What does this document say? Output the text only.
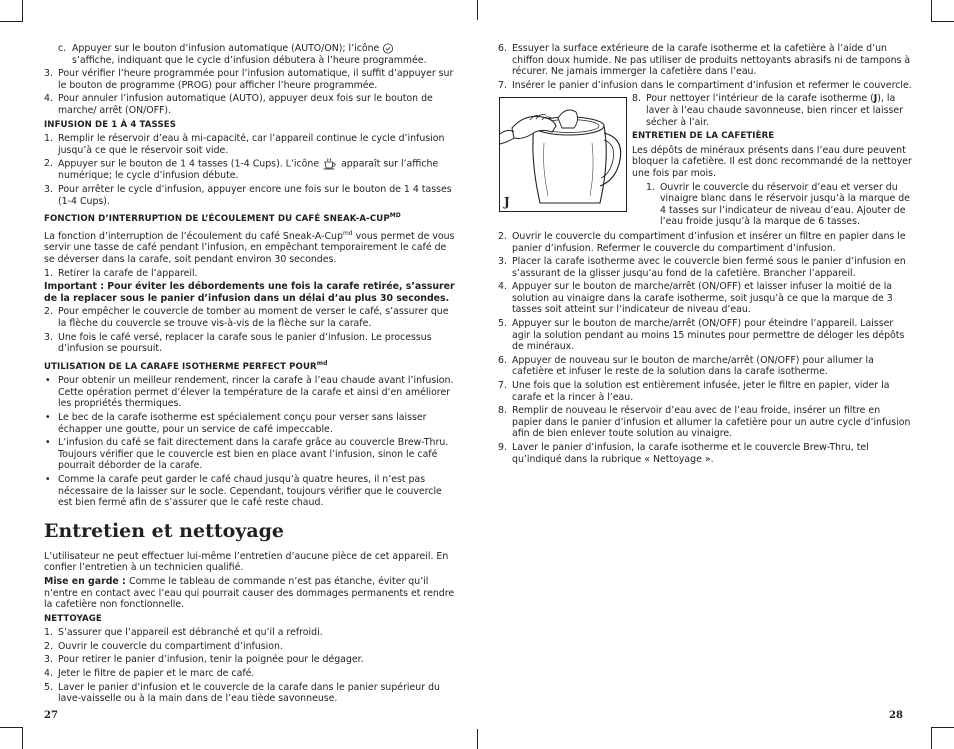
c. Appuyer sur le bouton d’infusion automatique (AUTO/ON); l’icône
s’affiche, indiquant que le cycle d’infusion débutera à l’heure programmée.
3. Pour vérifier l’heure programmée pour l’infusion automatique, il suffit d’appuyer sur le bouton de programme (PROG) pour afficher l’heure programmée.
4. Pour annuler l’infusion automatique (AUTO), appuyer deux fois sur le bouton de marche/ arrêt (ON/OFF).
INFUSION DE 1 À 4 TASSES
1. Remplir le réservoir d’eau à mi-capacité, car l’appareil continue le cycle d’infusion jusqu’à ce que le réservoir soit vide.
2. Appuyer sur le bouton de 1 4 tasses (1-4 Cups). L’icône apparaît sur l’affiche numérique; le cycle d’infusion débute.
3. Pour arrêter le cycle d’infusion, appuyer encore une fois sur le bouton de 1 4 tasses (1-4 Cups).
FONCTION D’INTERRUPTION DE L’ÉCOULEMENT DU CAFÉ SNEAK-$A-CUP^{MD}$

La fonction d’interruption de l’écoulement du café Sneak-A-Cup$^{md}$ vous permet de vous servir une tasse de café pendant l’infusion, en empêchant temporairement le café de se déverser dans la carafe, soit pendant environ 30 secondes.

1. Retirer la carafe de l’appareil.

Important : Pour éviter les débordements une fois la carafe retirée, s’assurer de la replacer sous le panier d’infusion dans un délai d’au plus 30 secondes.

2. Pour empêcher le couvercle de tomber au moment de verser le café, s’assurer que la flèche du couvercle se trouve vis-à-vis de la flèche sur la carafe.
3. Une fois le café versé, replacer la carafe sous le panier d’infusion. Le processus d’infusion se poursuit.
UTILISATION DE LA CARAFE ISOTHERME PERFECT $POUR^{md}$
• Pour obtenir un meilleur rendement, rincer la carafe à l’eau chaude avant l’infusion. Cette opération permet d’élever la température de la carafe et ainsi d’en améliorer les propriétés thermiques.
• Le bec de la carafe isotherme est spécialement conçu pour verser sans laisser échapper une goutte, pour un service de café impeccable.
• L’infusion du café se fait directement dans la carafe grâce au couvercle Brew-Thru. Toujours vérifier que le couvercle est bien en place avant l’infusion, sinon le café pourrait déborder de la carafe.
• Comme la carafe peut garder le café chaud jusqu’à quatre heures, il n’est pas nécessaire de la laisser sur le socle. Cependant, toujours vérifier que le couvercle est bien fermé afin de s’assurer que le café reste chaud.
Entretien et nettoyage

L’utilisateur ne peut effectuer lui-même l’entretien d’aucune pièce de cet appareil. En confier l’entretien à un technicien qualifié.

Mise en garde : Comme le tableau de commande n’est pas étanche, éviter qu’il n’entre en contact avec l’eau qui pourrait causer des dommages permanents et rendre la cafetière non fonctionnelle.

NETTOYAGE
1. S’assurer que l’appareil est débranché et qu’il a refroidi.
2. Ouvrir le couvercle du compartiment d’infusion.
3. Pour retirer le panier d’infusion, tenir la poignée pour le dégager.
4. Jeter le filtre de papier et le marc de café.
5. Laver le panier d’infusion et le couvercle de la carafe dans le panier supérieur du lave-vaisselle ou à la main dans de l’eau tiède savonneuse.
27
6. Essuyer la surface extérieure de la carafe isotherme et la cafetière à l’aide d’un chiffon doux humide. Ne pas utiliser de produits nettoyants abrasifs ni de tampons à récurer. Ne jamais immerger la cafetière dans l’eau.
7. Insérer le panier d’infusion dans le compartiment d’infusion et refermer le couvercle.
8. Pour nettoyer l’intérieur de la carafe isotherme (J), la laver à l’eau chaude savonneuse, bien rincer et laisser sécher à l’air.
ENTRETIEN DE LA CAFETIÈRE

Les dépôts de minéraux présents dans l’eau dure peuvent bloquer la cafetière. Il est donc recommandé de la nettoyer une fois par mois.

1. Ouvrir le couvercle du réservoir d’eau et verser du vinaigre blanc dans le réservoir jusqu’à la marque de 4 tasses sur l’indicateur de niveau d’eau. Ajouter de l’eau froide jusqu’à la marque de 6 tasses.
2. Ouvrir le couvercle du compartiment d’infusion et insérer un filtre en papier dans le panier d’infusion. Refermer le couvercle du compartiment d’infusion.
3. Placer la carafe isotherme avec le couvercle bien fermé sous le panier d’infusion en s’assurant de la glisser jusqu’au fond de la cafetière. Brancher l’appareil.
4. Appuyer sur le bouton de marche/arrêt (ON/OFF) et laisser infuser la moitié de la solution au vinaigre dans la carafe isotherme, soit jusqu’à ce que la marque de 3 tasses soit atteint sur l’indicateur de niveau d’eau.
5. Appuyer sur le bouton de marche/arrêt (ON/OFF) pour éteindre l’appareil. Laisser agir la solution pendant au moins 15 minutes pour permettre de déloger les dépôts de minéraux.
6. Appuyer de nouveau sur le bouton de marche/arrêt (ON/OFF) pour allumer la cafetière et infuser le reste de la solution dans la carafe isotherme.
7. Une fois que la solution est entièrement infusée, jeter le filtre en papier, vider la carafe et la rincer à l’eau.
8. Remplir de nouveau le réservoir d’eau avec de l’eau froide, insérer un filtre en papier dans le panier d’infusion et allumer la cafetière pour un autre cycle d’infusion afin de bien enlever toute solution au vinaigre.
9. Laver le panier d’infusion, la carafe isotherme et le couvercle Brew-Thru, tel qu’indiqué dans la rubrique « Nettoyage ».
J
28
